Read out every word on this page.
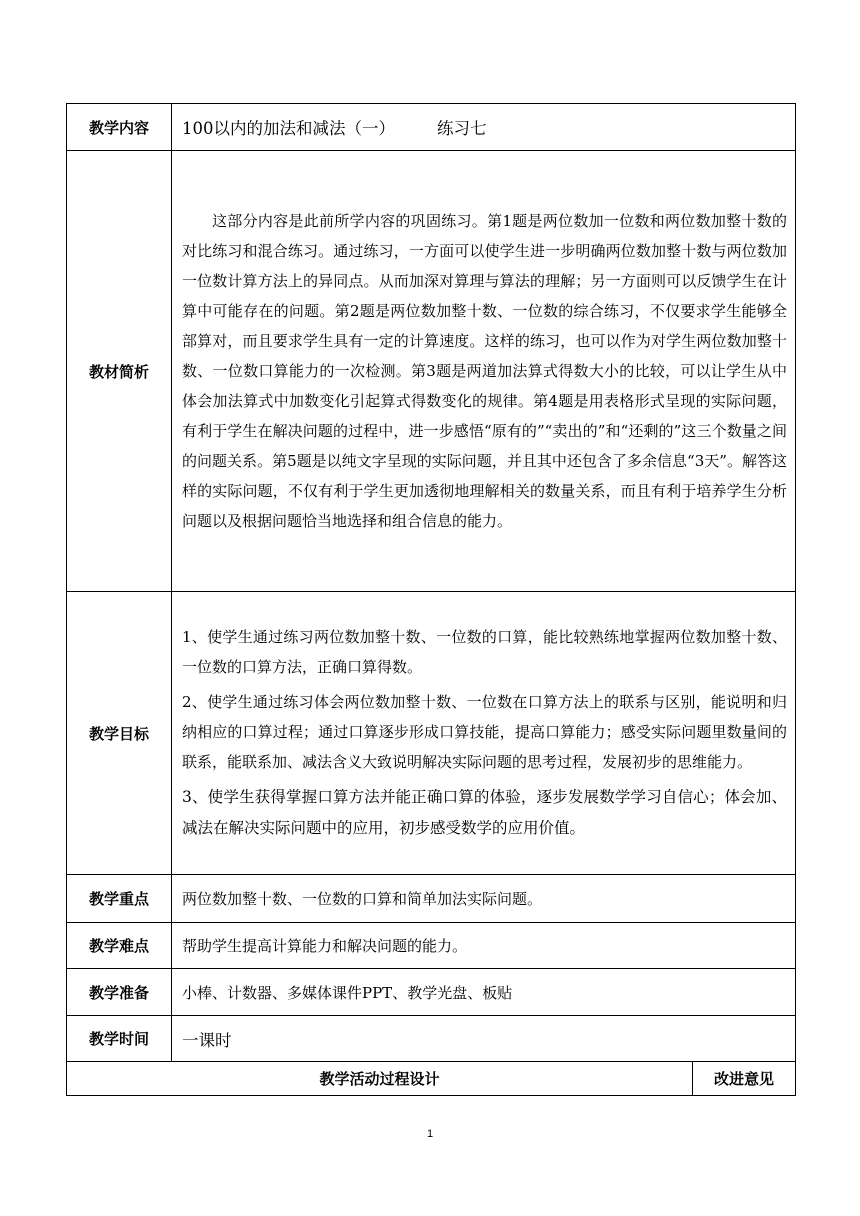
教学内容	100以内的加法和减法（一） 练习七	
教材简析	这部分内容是此前所学内容的巩固练习。第1题是两位数加一位数和两位数加整十数的对比练习和混合练习。通过练习，一方面可以使学生进一步明确两位数加整十数与两位数加一位数计算方法上的异同点。从而加深对算理与算法的理解；另一方面则可以反馈学生在计算中可能存在的问题。第2题是两位数加整十数、一位数的综合练习，不仅要求学生能够全部算对，而且要求学生具有一定的计算速度。这样的练习，也可以作为对学生两位数加整十数、一位数口算能力的一次检测。第3题是两道加法算式得数大小的比较，可以让学生从中体会加法算式中加数变化引起算式得数变化的规律。第4题是用表格形式呈现的实际问题，有利于学生在解决问题的过程中，进一步感悟“原有的”“卖出的”和“还剩的”这三个数量之间的问题关系。第5题是以纯文字呈现的实际问题，并且其中还包含了多余信息“3天”。解答这样的实际问题，不仅有利于学生更加透彻地理解相关的数量关系，而且有利于培养学生分析问题以及根据问题恰当地选择和组合信息的能力。	

教学目标	1、使学生通过练习两位数加整十数、一位数的口算，能比较熟练地掌握两位数加整十数、一位数的口算方法，正确口算得数。

2、使学生通过练习体会两位数加整十数、一位数在口算方法上的联系与区别，能说明和归纳相应的口算过程；通过口算逐步形成口算技能，提高口算能力；感受实际问题里数量间的联系，能联系加、减法含义大致说明解决实际问题的思考过程，发展初步的思维能力。

3、使学生获得掌握口算方法并能正确口算的体验，逐步发展数学学习自信心；体会加、减法在解决实际问题中的应用，初步感受数学的应用价值。	

教学重点	两位数加整十数、一位数的口算和简单加法实际问题。	
教学难点	帮助学生提高计算能力和解决问题的能力。	
教学准备	小棒、计数器、多媒体课件PPT、教学光盘、板贴	
教学时间	一课时	
教学活动过程设计		改进意见
1
